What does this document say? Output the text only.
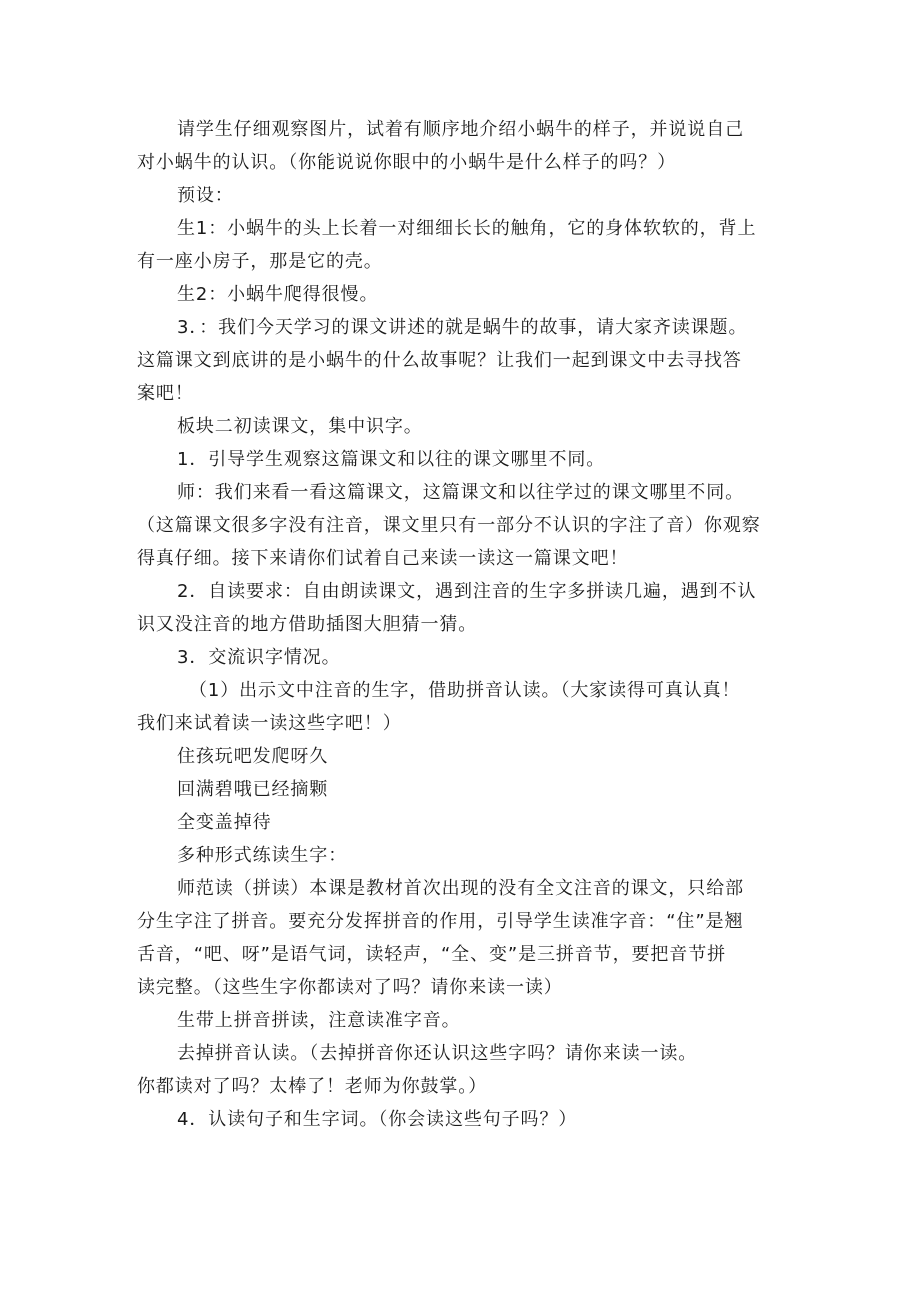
请学生仔细观察图片，试着有顺序地介绍小蜗牛的样子，并说说自己
对小蜗牛的认识。（你能说说你眼中的小蜗牛是什么样子的吗？）

预设：

生1：小蜗牛的头上长着一对细细长长的触角，它的身体软软的，背上
有一座小房子，那是它的壳。

生2：小蜗牛爬得很慢。

3．：我们今天学习的课文讲述的就是蜗牛的故事，请大家齐读课题。
这篇课文到底讲的是小蜗牛的什么故事呢？让我们一起到课文中去寻找答
案吧！

板块二初读课文，集中识字。

1．引导学生观察这篇课文和以往的课文哪里不同。

师：我们来看一看这篇课文，这篇课文和以往学过的课文哪里不同。
（这篇课文很多字没有注音，课文里只有一部分不认识的字注了音）你观察
得真仔细。接下来请你们试着自己来读一读这一篇课文吧！

2．自读要求：自由朗读课文，遇到注音的生字多拼读几遍，遇到不认
识又没注音的地方借助插图大胆猜一猜。

3．交流识字情况。

（1）出示文中注音的生字，借助拼音认读。（大家读得可真认真！
我们来试着读一读这些字吧！）

住孩玩吧发爬呀久

回满碧哦已经摘颗

全变盖掉待

多种形式练读生字：

师范读（拼读）本课是教材首次出现的没有全文注音的课文，只给部
分生字注了拼音。要充分发挥拼音的作用，引导学生读准字音：“住”是翘
舌音，“吧、呀”是语气词，读轻声，“全、变”是三拼音节，要把音节拼
读完整。（这些生字你都读对了吗？请你来读一读）

生带上拼音拼读，注意读准字音。

去掉拼音认读。（去掉拼音你还认识这些字吗？请你来读一读。
你都读对了吗？太棒了！老师为你鼓掌。）

4．认读句子和生字词。（你会读这些句子吗？）
